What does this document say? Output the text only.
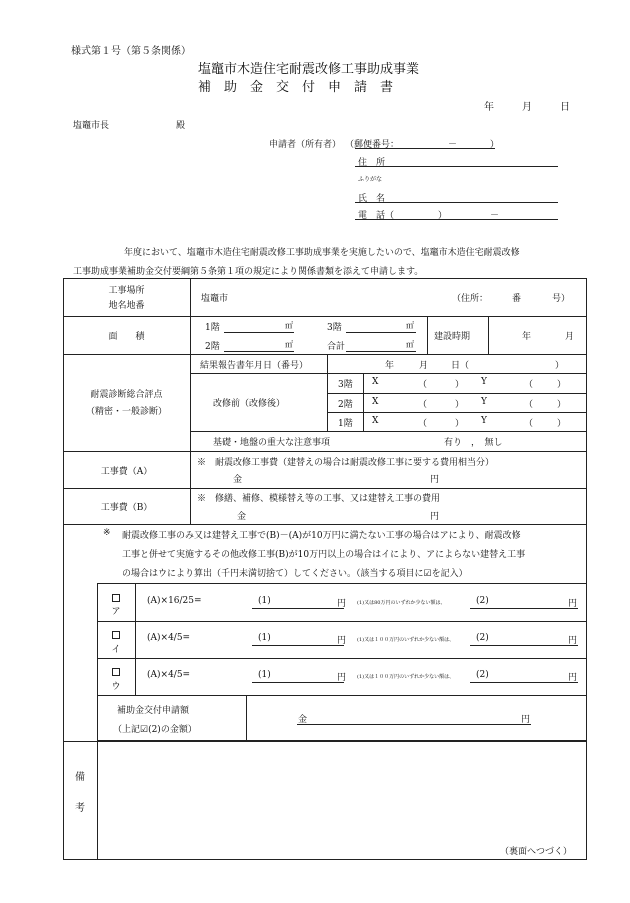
様式第１号（第５条関係）
塩竈市木造住宅耐震改修工事助成事業
補　助　金　交　付　申　請　書
年	月	日
塩竈市長	殿
申請者（所有者） （郵便番号：	－	）
住　所
ふりがな
氏　名
電　話（	）	－
年度において、塩竈市木造住宅耐震改修工事助成事業を実施したいので、塩竈市木造住宅耐震改修
工事助成事業補助金交付要綱第５条第１項の規定により関係書類を添えて申請します。
工事場所
地名地番
塩竈市	（住所：	番	号）
面　　積
1階	㎡	3階	㎡
2階	㎡	合計	㎡
建設時期	年	月
耐震診断総合評点
（精密・一般診断）
結果報告書年月日（番号）	年	月	日（	）
改修前（改修後）
3階 X	（	） Y	（	）
2階 X	（	） Y	（	）
1階 X	（	） Y	（	）
基礎・地盤の重大な注意事項	有り　，　無し
工事費（A）
※　耐震改修工事費（建替えの場合は耐震改修工事に要する費用相当分）
金	円
工事費（B）
※　修繕、補修、模様替え等の工事、又は建替え工事の費用
金	円
※ 耐震改修工事のみ又は建替え工事で(B)－(A)が10万円に満たない工事の場合はアにより、耐震改修
工事と併せて実施するその他改修工事(B)が10万円以上の場合はイにより、アによらない建替え工事
の場合はウにより算出（千円未満切捨て）してください。（該当する項目に☑を記入）
ア
(A)×16/25=	(1)	円 (1)又は80万円のいずれか少ない額は、	(2)	円
イ
(A)×4/5=	(1)	円 (1)又は１００万円のいずれか少ない額は、 (2)	円
ウ
(A)×4/5=	(1)	円 (1)又は１００万円のいずれか少ない額は、 (2)	円
補助金交付申請額
（上記☑(2)の金額）
金	円
備
考
（裏面へつづく）
